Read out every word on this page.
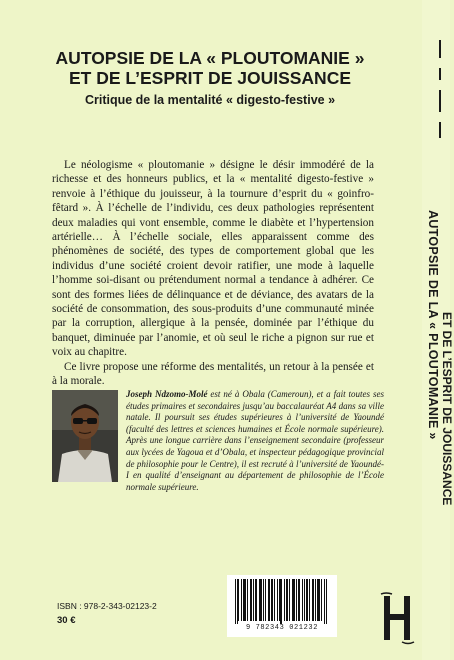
AUTOPSIE DE LA « PLOUTOMANIE »
ET DE L’ESPRIT DE JOUISSANCE
Critique de la mentalité « digesto-festive »

Le néologisme « ploutomanie » désigne le désir immodéré de la richesse et des honneurs publics, et la « mentalité digesto-festive » renvoie à l’éthique du jouisseur, à la tournure d’esprit du « goinfro-fêtard ». À l’échelle de l’individu, ces deux pathologies représentent deux maladies qui vont ensemble, comme le diabète et l’hypertension artérielle… À l’échelle sociale, elles apparaissent comme des phénomènes de société, des types de comportement global que les individus d’une société croient devoir ratifier, une mode à laquelle l’homme soi-disant ou prétendument normal a tendance à adhérer. Ce sont des formes liées de délinquance et de déviance, des avatars de la société de consommation, des sous-produits d’une communauté minée par la corruption, allergique à la pensée, dominée par l’éthique du banquet, diminuée par l’anomie, et où seul le riche a pignon sur rue et voix au chapitre.

Ce livre propose une réforme des mentalités, un retour à la pensée et à la morale.

Joseph Ndzomo-Molé est né à Obala (Cameroun), et a fait toutes ses études primaires et secondaires jusqu’au baccalauréat A4 dans sa ville natale. Il poursuit ses études supérieures à l’université de Yaoundé (faculté des lettres et sciences humaines et École normale supérieure). Après une longue carrière dans l’enseignement secondaire (professeur aux lycées de Yagoua et d’Obala, et inspecteur pédagogique provincial de philosophie pour le Centre), il est recruté à l’université de Yaoundé-I en qualité d’enseignant au département de philosophie de l’École normale supérieure.

ISBN : 978-2-343-02123-2
30 €
9 782343 021232
AUTOPSIE DE LA « PLOUTOMANIE » ET DE L’ESPRIT DE JOUISSANCE
